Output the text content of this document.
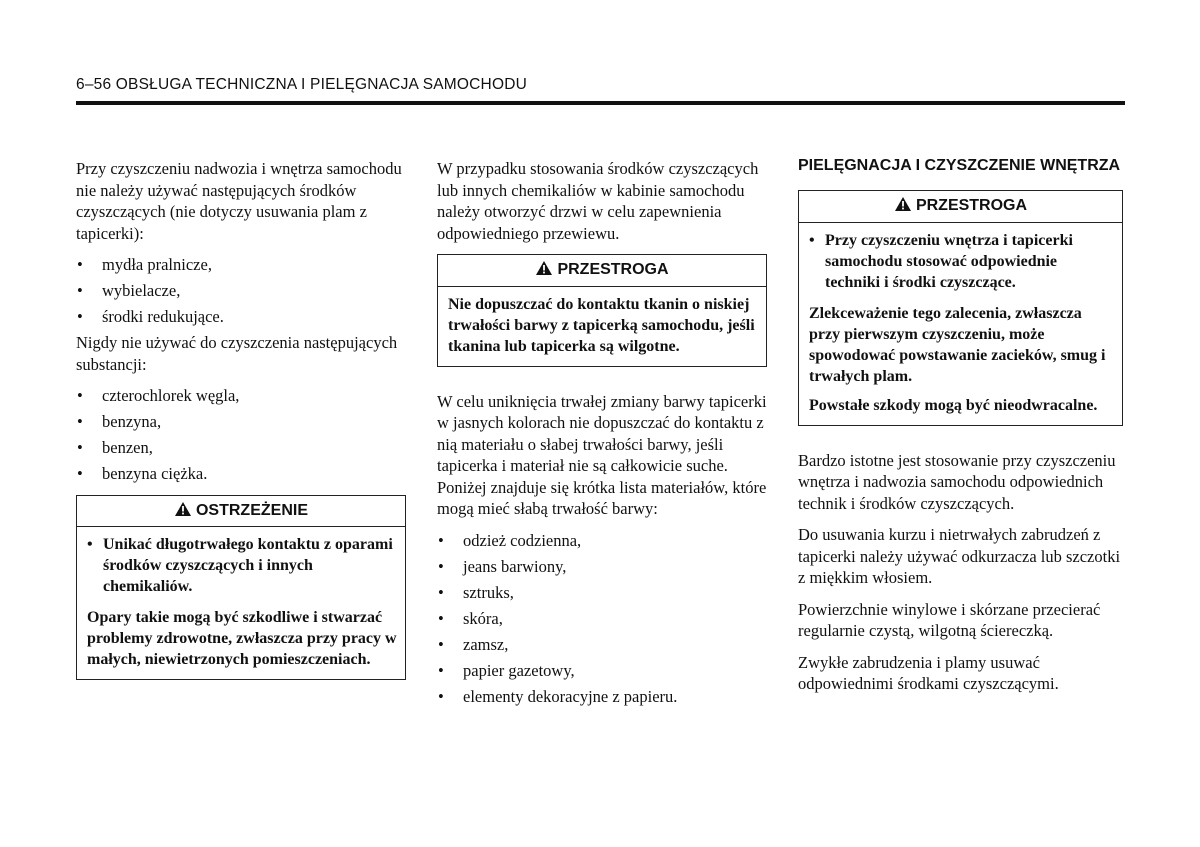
6–56 OBSŁUGA TECHNICZNA I PIELĘGNACJA SAMOCHODU

Przy czyszczeniu nadwozia i wnętrza samochodu nie należy używać następujących środków czyszczących (nie dotyczy usuwania plam z tapicerki):

• mydła pralnicze,
• wybielacze,
• środki redukujące.

Nigdy nie używać do czyszczenia następujących substancji:

• czterochlorek węgla,
• benzyna,
• benzen,
• benzyna ciężka.
OSTRZEŻENIE
• Unikać długotrwałego kontaktu z oparami środków czyszczących i innych chemikaliów.

Opary takie mogą być szkodliwe i stwarzać problemy zdrowotne, zwłaszcza przy pracy w małych, niewietrzonych pomieszczeniach.

W przypadku stosowania środków czyszczących lub innych chemikaliów w kabinie samochodu należy otworzyć drzwi w celu zapewnienia odpowiedniego przewiewu.

PRZESTROGA

Nie dopuszczać do kontaktu tkanin o niskiej trwałości barwy z tapicerką samochodu, jeśli tkanina lub tapicerka są wilgotne.

W celu uniknięcia trwałej zmiany barwy tapicerki w jasnych kolorach nie dopuszczać do kontaktu z nią materiału o słabej trwałości barwy, jeśli tapicerka i materiał nie są całkowicie suche. Poniżej znajduje się krótka lista materiałów, które mogą mieć słabą trwałość barwy:

• odzież codzienna,
• jeans barwiony,
• sztruks,
• skóra,
• zamsz,
• papier gazetowy,
• elementy dekoracyjne z papieru.
PIELĘGNACJA I CZYSZCZENIE WNĘTRZA
PRZESTROGA
• Przy czyszczeniu wnętrza i tapicerki samochodu stosować odpowiednie techniki i środki czyszczące.

Zlekceważenie tego zalecenia, zwłaszcza przy pierwszym czyszczeniu, może spowodować powstawanie zacieków, smug i trwałych plam.

Powstałe szkody mogą być nieodwracalne.

Bardzo istotne jest stosowanie przy czyszczeniu wnętrza i nadwozia samochodu odpowiednich technik i środków czyszczących.

Do usuwania kurzu i nietrwałych zabrudzeń z tapicerki należy używać odkurzacza lub szczotki z miękkim włosiem.

Powierzchnie winylowe i skórzane przecierać regularnie czystą, wilgotną ściereczką.

Zwykłe zabrudzenia i plamy usuwać odpowiednimi środkami czyszczącymi.
